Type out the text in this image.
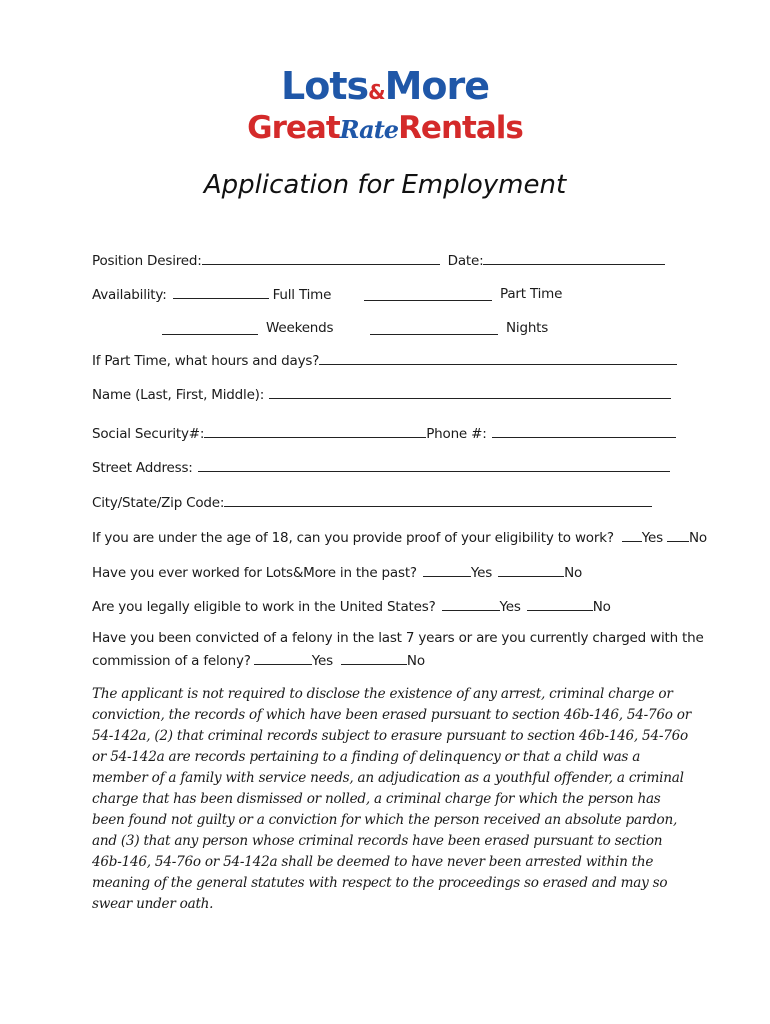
Lots&More
GreatRateRentals
Application for Employment
Position Desired:	Date:
Availability:	Full Time	Part Time
Weekends	Nights
If Part Time, what hours and days?
Name (Last, First, Middle):
Social Security#:	Phone #:
Street Address:
City/State/Zip Code:
If you are under the age of 18, can you provide proof of your eligibility to work? Yes No
Have you ever worked for Lots&More in the past?	Yes	No
Are you legally eligible to work in the United States?	Yes	No
Have you been convicted of a felony in the last 7 years or are you currently charged with the
commission of a felony?	Yes	No
The applicant is not required to disclose the existence of any arrest, criminal charge or conviction, the records of which have been erased pursuant to section 46b-146, 54-76o or 54-142a, (2) that criminal records subject to erasure pursuant to section 46b-146, 54-76o or 54-142a are records pertaining to a finding of delinquency or that a child was a member of a family with service needs, an adjudication as a youthful offender, a criminal charge that has been dismissed or nolled, a criminal charge for which the person has been found not guilty or a conviction for which the person received an absolute pardon, and (3) that any person whose criminal records have been erased pursuant to section 46b-146, 54-76o or 54-142a shall be deemed to have never been arrested within the meaning of the general statutes with respect to the proceedings so erased and may so swear under oath.
